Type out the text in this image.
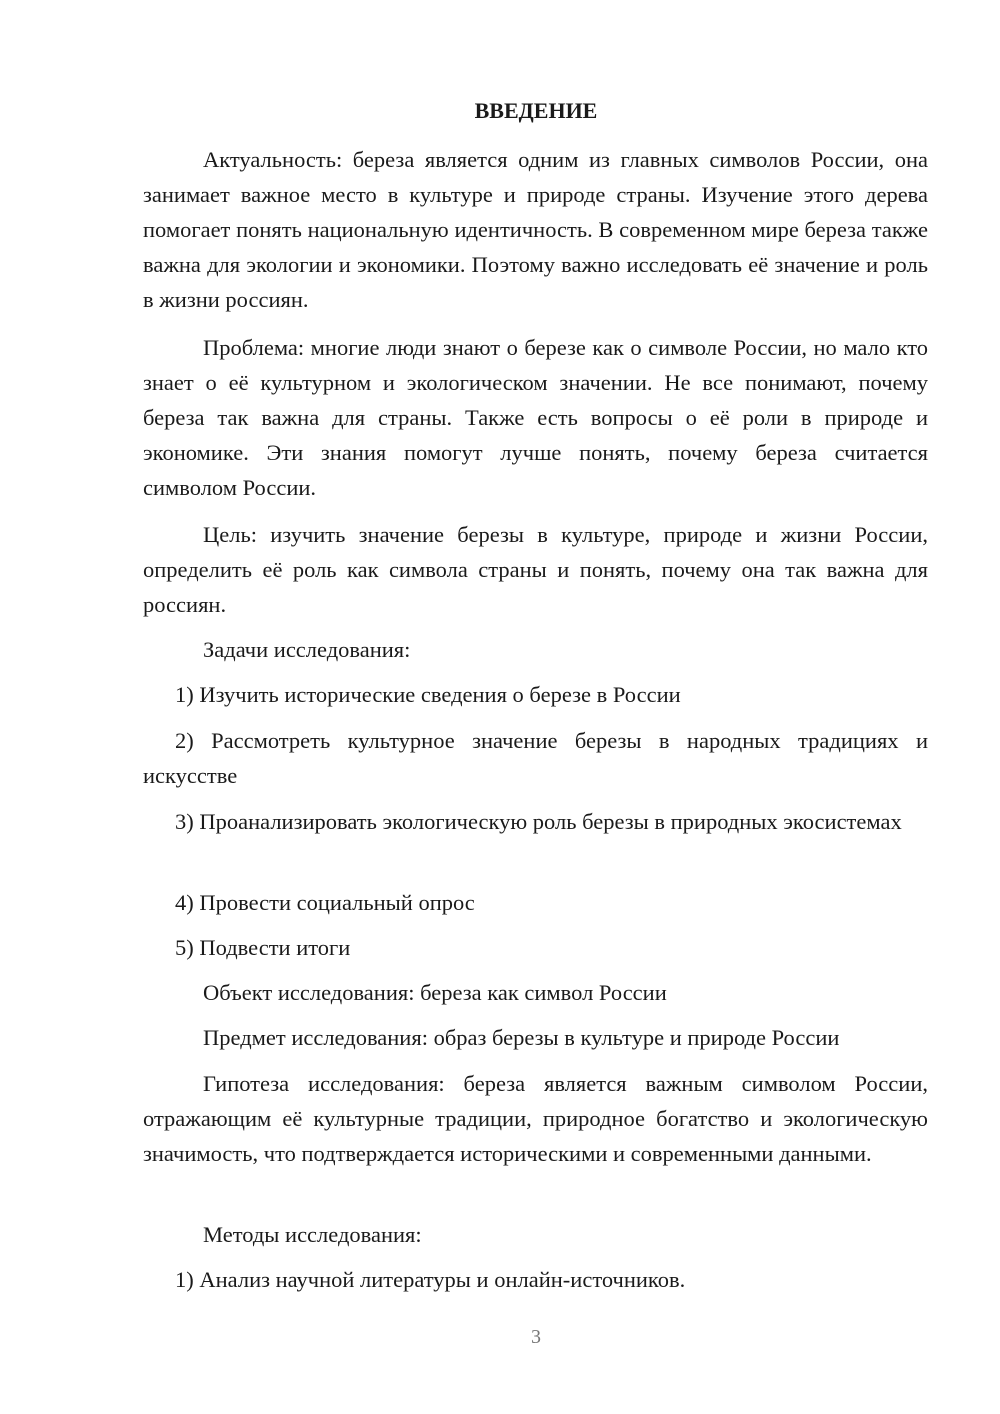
ВВЕДЕНИЕ

Актуальность: береза является одним из главных символов России, она занимает важное место в культуре и природе страны. Изучение этого дерева помогает понять национальную идентичность. В современном мире береза также важна для экологии и экономики. Поэтому важно исследовать её значение и роль в жизни россиян.

Проблема: многие люди знают о березе как о символе России, но мало кто знает о её культурном и экологическом значении. Не все понимают, почему береза так важна для страны. Также есть вопросы о её роли в природе и экономике. Эти знания помогут лучше понять, почему береза считается символом России.

Цель: изучить значение березы в культуре, природе и жизни России, определить её роль как символа страны и понять, почему она так важна для россиян.

Задачи исследования:

1) Изучить исторические сведения о березе в России

2) Рассмотреть культурное значение березы в народных традициях и искусстве

3) Проанализировать экологическую роль березы в природных экосистемах

4) Провести социальный опрос

5) Подвести итоги

Объект исследования: береза как символ России

Предмет исследования: образ березы в культуре и природе России

Гипотеза исследования: береза является важным символом России, отражающим её культурные традиции, природное богатство и экологическую значимость, что подтверждается историческими и современными данными.

Методы исследования:

1) Анализ научной литературы и онлайн-источников.

3
